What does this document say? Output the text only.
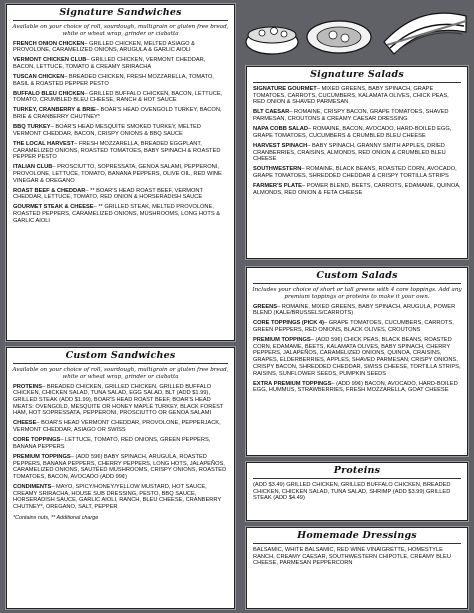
Signature Sandwiches
Available on your choice of roll, sourdough, multigrain or gluten free bread, white or wheat wrap, grinder or ciabatta
FRENCH ONION CHICKEN– GRILLED CHICKEN, MELTED ASIAGO & PROVOLONE, CARAMELIZED ONIONS, ARUGULA & GARLIC AIOLI
VERMONT CHICKEN CLUB– GRILLED CHICKEN, VERMONT CHEDDAR, BACON, LETTUCE, TOMATO & CREAMY SRIRACHA
TUSCAN CHICKEN– BREADED CHICKEN, FRESH MOZZARELLA, TOMATO, BASIL & ROASTED PEPPER PESTO
BUFFALO BLEU CHICKEN– GRILLED BUFFALO CHICKEN, BACON, LETTUCE, TOMATO, CRUMBLED BLEU CHEESE, RANCH & HOT SAUCE
TURKEY, CRANBERRY & BRIE– BOAR'S HEAD OVENGOLD TURKEY, BACON, BRIE & CRANBERRY CHUTNEY*
BBQ TURKEY– BOAR'S HEAD MESQUITE SMOKED TURKEY, MELTED VERMONT CHEDDAR, BACON, CRISPY ONIONS & BBQ SAUCE
THE LOCAL HARVEST– FRESH MOZZARELLA, BREADED EGGPLANT, CARAMELIZED ONIONS, ROASTED TOMATOES, BABY SPINACH & ROASTED PEPPER PESTO
ITALIAN CLUB– PROSCIUTTO, SOPRESSATA, GENOA SALAMI, PEPPERONI, PROVOLONE, LETTUCE, TOMATO, BANANA PEPPERS, OLIVE OIL, RED WINE VINEGAR & OREGANO
ROAST BEEF & CHEDDAR– ** BOAR'S HEAD ROAST BEEF, VERMONT CHEDDAR, LETTUCE, TOMATO, RED ONION & HORSERADISH SAUCE
GOURMET STEAK & CHEESE– ** GRILLED STEAK, MELTED PROVOLONE, ROASTED PEPPERS, CARAMELIZED ONIONS, MUSHROOMS, LONG HOTS & GARLIC AIOLI
Custom Sandwiches
Available on your choice of roll, sourdough, multigrain or gluten free bread, white or wheat wrap, grinder or ciabatta
PROTEINS– BREADED CHICKEN, GRILLED CHICKEN, GRILLED BUFFALO CHICKEN, CHICKEN SALAD, TUNA SALAD, EGG SALAD, BLT (ADD $1.99), GRILLED STEAK (ADD $1.99), BOAR'S HEAD ROAST BEEF, BOAR'S HEAD MEATS: OVENGOLD, MESQUITE OR HONEY MAPLE TURKEY, BLACK FOREST HAM, HOT SOPRESSATA, PEPPERONI, PROSCIUTTO OR GENOA SALAMI
CHEESE– BOAR'S HEAD VERMONT CHEDDAR, PROVOLONE, PEPPERJACK, VERMONT CHEDDAR, ASIAGO OR SWISS
CORE TOPPINGS– LETTUCE, TOMATO, RED ONIONS, GREEN PEPPERS, BANANA PEPPERS
PREMIUM TOPPINGS– (ADD 59¢) BABY SPINACH, ARUGULA, ROASTED PEPPERS, BANANA PEPPERS, CHERRY PEPPERS, LONG HOTS, JALAPEÑOS, CARAMELIZED ONIONS, SAUTÉED MUSHROOMS, CRISPY ONIONS, ROASTED TOMATOES, BACON, AVOCADO (ADD 99¢)
CONDIMENTS– MAYO, SPICY/HONEY/YELLOW MUSTARD, HOT SAUCE, CREAMY SRIRACHA, HOUSE SUB DRESSING, PESTO, BBQ SAUCE, HORSERADISH SAUCE, GARLIC AIOLI, RANCH, BLEU CHEESE, CRANBERRY CHUTNEY*, OREGANO, SALT, PEPPER
*Contains nuts, ** Additional charge
Signature Salads
SIGNATURE GOURMET– MIXED GREENS, BABY SPINACH, GRAPE TOMATOES, CARROTS, CUCUMBERS, KALAMATA OLIVES, CHICK PEAS, RED ONION & SHAVED PARMESAN
BLT CAESAR– ROMAINE, CRISPY BACON, GRAPE TOMATOES, SHAVED PARMESAN, CROUTONS & CREAMY CAESAR DRESSING
NAPA COBB SALAD– ROMAINE, BACON, AVOCADO, HARD-BOILED EGG, GRAPE TOMATOES, CUCUMBERS & CRUMBLED BLEU CHEESE
HARVEST SPINACH– BABY SPINACH, GRANNY SMITH APPLES, DRIED CRANBERRIES, CRAISINS, ALMONDS, RED ONION & CRUMBLED BLEU CHEESE
SOUTHWESTERN– ROMAINE, BLACK BEANS, ROASTED CORN, AVOCADO, GRAPE TOMATOES, SHREDDED CHEDDAR & CRISPY TORTILLA STRIPS
FARMER'S PLATE– POWER BLEND, BEETS, CARROTS, EDAMAME, QUINOA, ALMONDS, RED ONION & FETA CHEESE
Custom Salads
Includes your choice of short or tall greens with 4 core toppings. Add any premium toppings or proteins to make it your own.
GREENS– ROMAINE, MIXED GREENS, BABY SPINACH, ARUGULA, POWER BLEND (KALE/BRUSSELS/CARROTS)
CORE TOPPINGS (PICK 4)– GRAPE TOMATOES, CUCUMBERS, CARROTS, GREEN PEPPERS, RED ONIONS, BLACK OLIVES, CROUTONS
PREMIUM TOPPINGS– (ADD 59¢) CHICK PEAS, BLACK BEANS, ROASTED CORN, EDAMAME, BEETS, KALAMATA OLIVES, BABY SPINACH, CHERRY PEPPERS, JALAPEÑOS, CARAMELIZED ONIONS, QUINOA, CRAISINS, GRAPES, ELDERBERRIES, APPLES, SHAVED PARMESAN, CRISPY ONIONS, CRISPY BACON, SHREDDED CHEDDAR, SWISS CHEESE, TORTILLA STRIPS, RAISINS, SUNFLOWER SEEDS, PUMPKIN SEEDS
EXTRA PREMIUM TOPPINGS– (ADD 99¢) BACON, AVOCADO, HARD-BOILED EGG, HUMMUS, STRAWBERRIES, FRESH MOZZARELLA, GOAT CHEESE
Proteins
(ADD $3.49) GRILLED CHICKEN, GRILLED BUFFALO CHICKEN, BREADED CHICKEN, CHICKEN SALAD, TUNA SALAD, SHRIMP (ADD $3.99) GRILLED STEAK (ADD $4.49)
Homemade Dressings
BALSAMIC, WHITE BALSAMIC, RED WINE VINAIGRETTE, HOMESTYLE RANCH, CREAMY CAESAR, SOUTHWESTERN CHIPOTLE, CREAMY BLEU CHEESE, PARMESAN PEPPERCORN
